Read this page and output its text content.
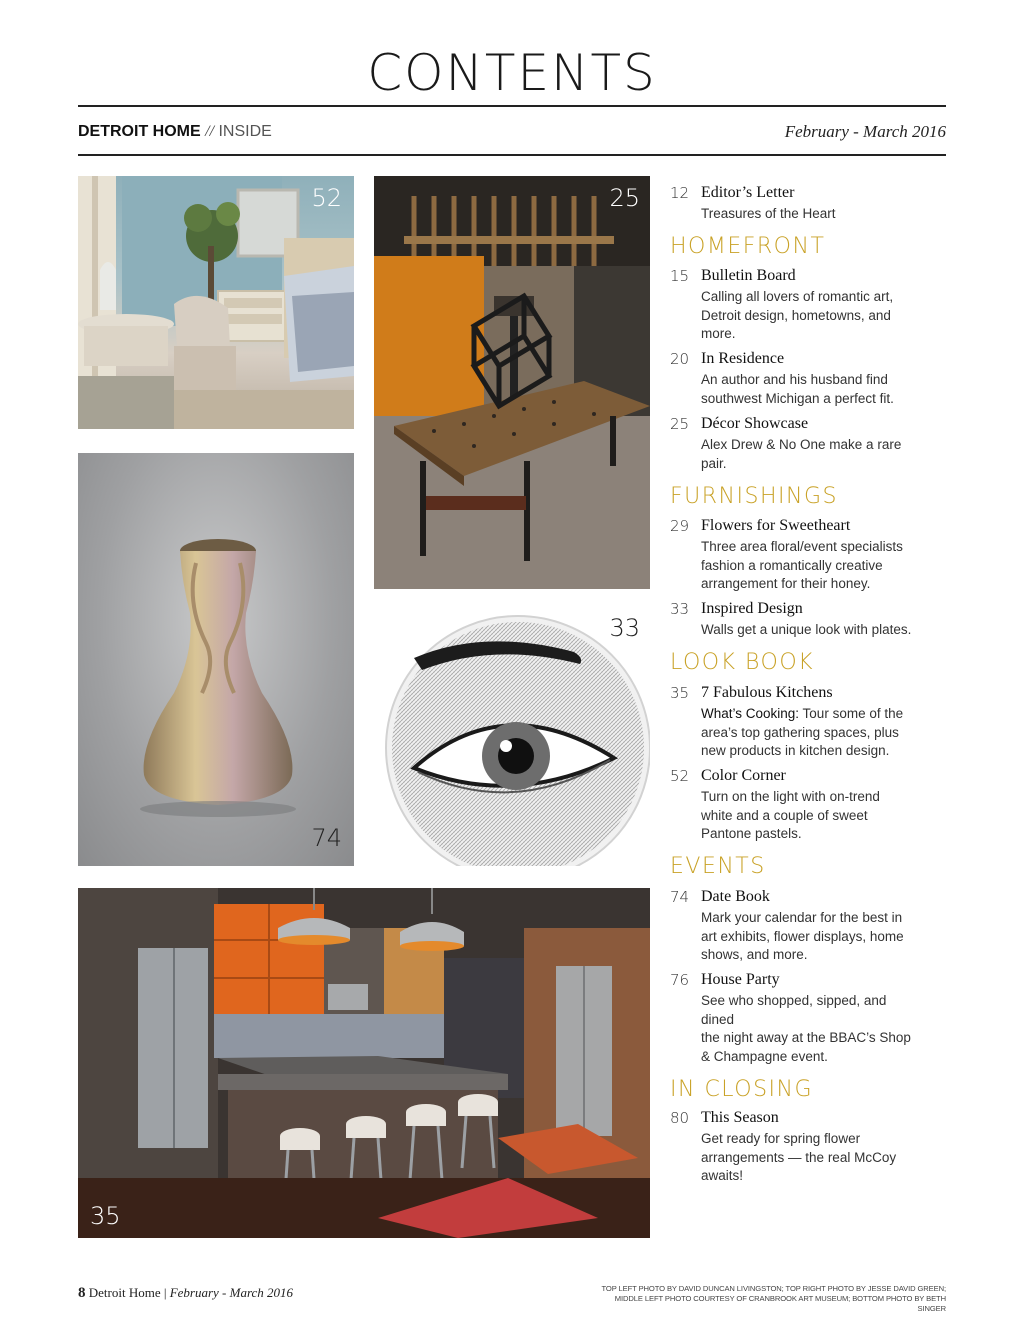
CONTENTS
DETROIT HOME // INSIDE	February - March 2016
52	25
74
33
35
12 Editor’s Letter
Treasures of the Heart
HOMEFRONT
15 Bulletin Board
Calling all lovers of romantic art,
Detroit design, hometowns, and
more.
20 In Residence
An author and his husband find
southwest Michigan a perfect fit.
25 Décor Showcase
Alex Drew & No One make a rare
pair.
FURNISHINGS
29 Flowers for Sweetheart
Three area floral/event specialists
fashion a romantically creative
arrangement for their honey.
33 Inspired Design
Walls get a unique look with plates.
LOOK BOOK
35 7 Fabulous Kitchens
What’s Cooking: Tour some of the
area’s top gathering spaces, plus
new products in kitchen design.
52 Color Corner
Turn on the light with on-trend
white and a couple of sweet
Pantone pastels.
EVENTS
74 Date Book
Mark your calendar for the best in
art exhibits, flower displays, home
shows, and more.
76 House Party
See who shopped, sipped, and
dined
the night away at the BBAC’s Shop
& Champagne event.
IN CLOSING
80 This Season
Get ready for spring flower
arrangements — the real McCoy
awaits!
8 Detroit Home | February - March 2016	TOP LEFT PHOTO BY DAVID DUNCAN LIVINGSTON; TOP RIGHT PHOTO BY JESSE DAVID GREEN;
MIDDLE LEFT PHOTO COURTESY OF CRANBROOK ART MUSEUM; BOTTOM PHOTO BY BETH SINGER
